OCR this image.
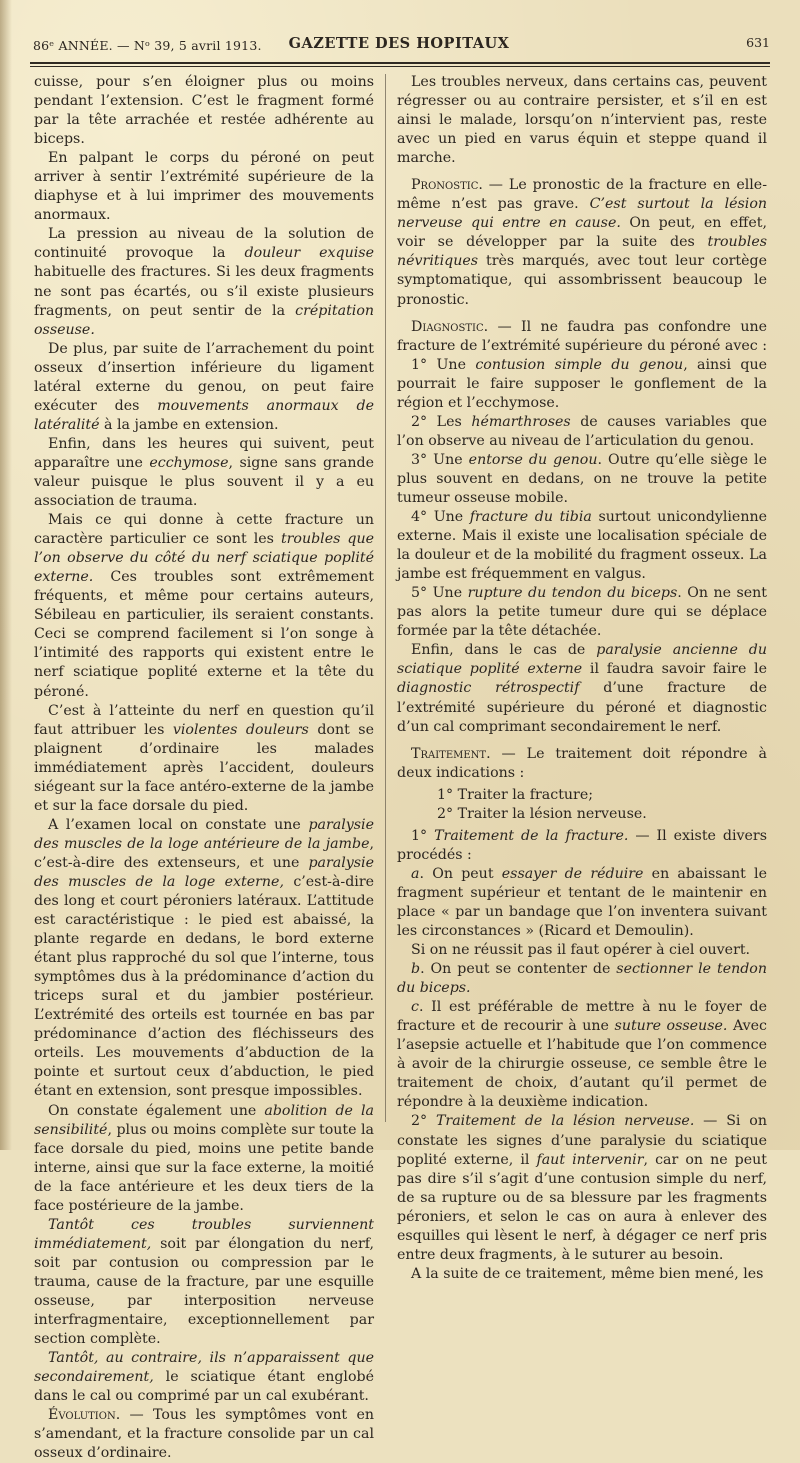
86ᵉ ANNÉE. — Nᵒ 39, 5 avril 1913.	GAZETTE DES HOPITAUX	631

cuisse, pour s’en éloigner plus ou moins pendant l’extension. C’est le fragment formé par la tête arrachée et restée adhérente au biceps.

En palpant le corps du péroné on peut arriver à sentir l’extrémité supérieure de la diaphyse et à lui imprimer des mouvements anormaux.

La pression au niveau de la solution de continuité provoque la douleur exquise habituelle des fractures. Si les deux fragments ne sont pas écartés, ou s’il existe plusieurs fragments, on peut sentir de la crépitation osseuse.

De plus, par suite de l’arrachement du point osseux d’insertion inférieure du ligament latéral externe du genou, on peut faire exécuter des mouvements anormaux de latéralité à la jambe en extension.

Enfin, dans les heures qui suivent, peut apparaître une ecchymose, signe sans grande valeur puisque le plus souvent il y a eu association de trauma.

Mais ce qui donne à cette fracture un caractère particulier ce sont les troubles que l’on observe du côté du nerf sciatique poplité externe. Ces troubles sont extrêmement fréquents, et même pour certains auteurs, Sébileau en particulier, ils seraient constants. Ceci se comprend facilement si l’on songe à l’intimité des rapports qui existent entre le nerf sciatique poplité externe et la tête du péroné.

C’est à l’atteinte du nerf en question qu’il faut attribuer les violentes douleurs dont se plaignent d’ordinaire les malades immédiatement après l’accident, douleurs siégeant sur la face antéro-externe de la jambe et sur la face dorsale du pied.

A l’examen local on constate une paralysie des muscles de la loge antérieure de la jambe, c’est-à-dire des extenseurs, et une paralysie des muscles de la loge externe, c’est-à-dire des long et court péroniers latéraux. L’attitude est caractéristique : le pied est abaissé, la plante regarde en dedans, le bord externe étant plus rapproché du sol que l’interne, tous symptômes dus à la prédominance d’action du triceps sural et du jambier postérieur. L’extrémité des orteils est tournée en bas par prédominance d’action des fléchisseurs des orteils. Les mouvements d’abduction de la pointe et surtout ceux d’abduction, le pied étant en extension, sont presque impossibles.

On constate également une abolition de la sensibilité, plus ou moins complète sur toute la face dorsale du pied, moins une petite bande interne, ainsi que sur la face externe, la moitié de la face antérieure et les deux tiers de la face postérieure de la jambe.

Tantôt ces troubles surviennent immédiatement, soit par élongation du nerf, soit par contusion ou compression par le trauma, cause de la fracture, par une esquille osseuse, par interposition nerveuse interfragmentaire, exceptionnellement par section complète.

Tantôt, au contraire, ils n’apparaissent que secondairement, le sciatique étant englobé dans le cal ou comprimé par un cal exubérant.

Évolution. — Tous les symptômes vont en s’amendant, et la fracture consolide par un cal osseux d’ordinaire.

Les troubles nerveux, dans certains cas, peuvent régresser ou au contraire persister, et s’il en est ainsi le malade, lorsqu’on n’intervient pas, reste avec un pied en varus équin et steppe quand il marche.

Pronostic. — Le pronostic de la fracture en elle-même n’est pas grave. C’est surtout la lésion nerveuse qui entre en cause. On peut, en effet, voir se développer par la suite des troubles névritiques très marqués, avec tout leur cortège symptomatique, qui assombrissent beaucoup le pronostic.

Diagnostic. — Il ne faudra pas confondre une fracture de l’extrémité supérieure du péroné avec :

1° Une contusion simple du genou, ainsi que pourrait le faire supposer le gonflement de la région et l’ecchymose.

2° Les hémarthroses de causes variables que l’on observe au niveau de l’articulation du genou.

3° Une entorse du genou. Outre qu’elle siège le plus souvent en dedans, on ne trouve la petite tumeur osseuse mobile.

4° Une fracture du tibia surtout unicondylienne externe. Mais il existe une localisation spéciale de la douleur et de la mobilité du fragment osseux. La jambe est fréquemment en valgus.

5° Une rupture du tendon du biceps. On ne sent pas alors la petite tumeur dure qui se déplace formée par la tête détachée.

Enfin, dans le cas de paralysie ancienne du sciatique poplité externe il faudra savoir faire le diagnostic rétrospectif d’une fracture de l’extrémité supérieure du péroné et diagnostic d’un cal comprimant secondairement le nerf.

Traitement. — Le traitement doit répondre à deux indications :

1° Traiter la fracture;

2° Traiter la lésion nerveuse.

1° Traitement de la fracture. — Il existe divers procédés :

a. On peut essayer de réduire en abaissant le fragment supérieur et tentant de le maintenir en place « par un bandage que l’on inventera suivant les circonstances » (Ricard et Demoulin).

Si on ne réussit pas il faut opérer à ciel ouvert.

b. On peut se contenter de sectionner le tendon du biceps.

c. Il est préférable de mettre à nu le foyer de fracture et de recourir à une suture osseuse. Avec l’asepsie actuelle et l’habitude que l’on commence à avoir de la chirurgie osseuse, ce semble être le traitement de choix, d’autant qu’il permet de répondre à la deuxième indication.

2° Traitement de la lésion nerveuse. — Si on constate les signes d’une paralysie du sciatique poplité externe, il faut intervenir, car on ne peut pas dire s’il s’agit d’une contusion simple du nerf, de sa rupture ou de sa blessure par les fragments péroniers, et selon le cas on aura à enlever des esquilles qui lèsent le nerf, à dégager ce nerf pris entre deux fragments, à le suturer au besoin.

A la suite de ce traitement, même bien mené, les
